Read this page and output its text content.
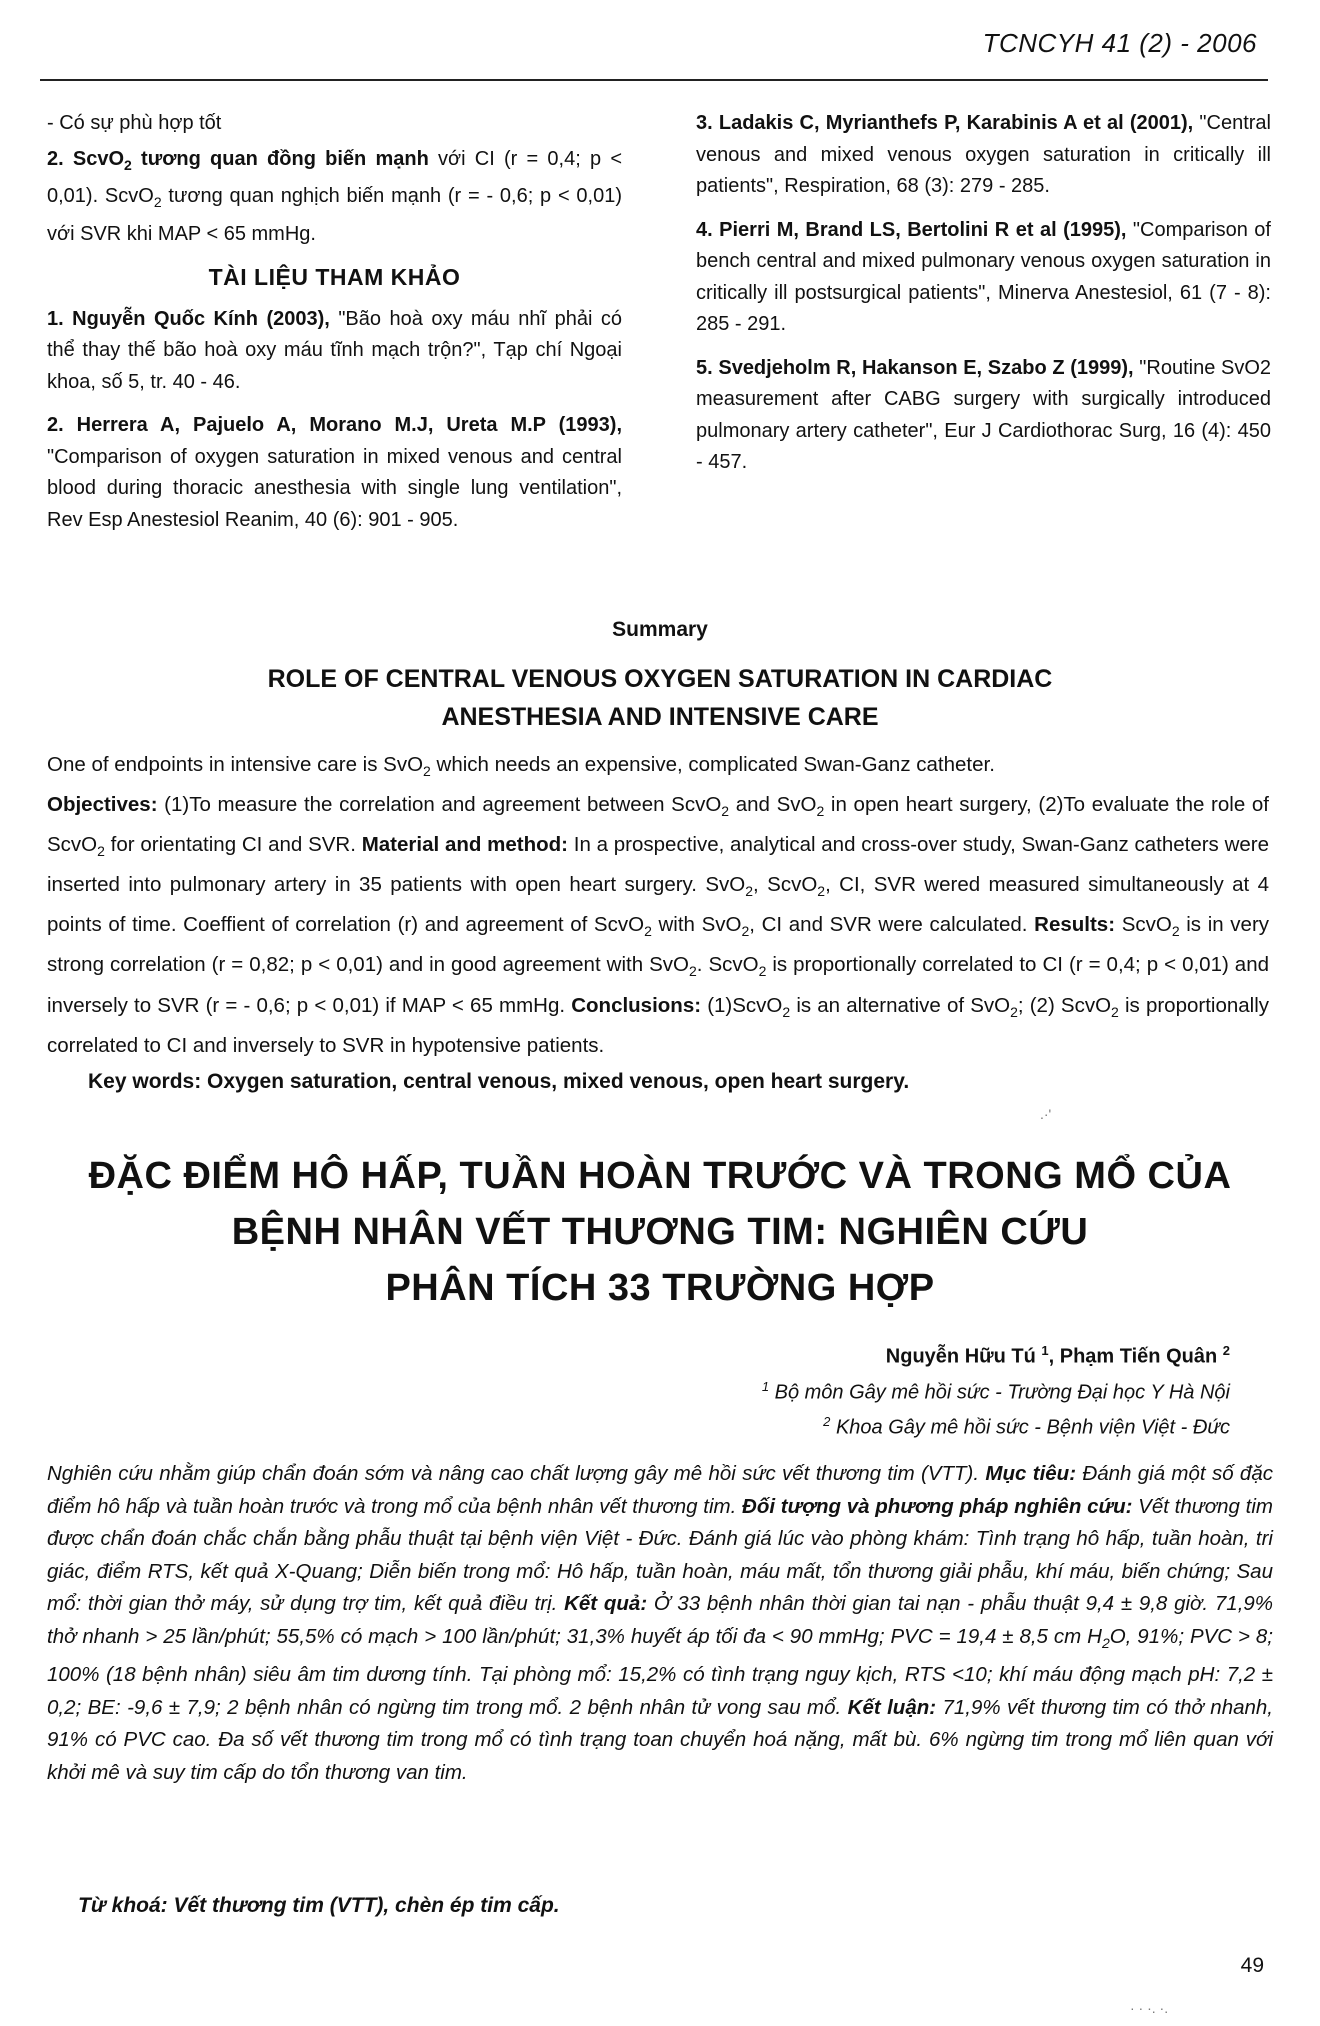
TCNCYH 41 (2) - 2006

- Có sự phù hợp tốt

2. ScvO$_2$ tương quan đồng biến mạnh với CI (r = 0,4; p < 0,01). ScvO$_2$ tương quan nghịch biến mạnh (r = - 0,6; p < 0,01) với SVR khi MAP < 65 mmHg.

TÀI LIỆU THAM KHẢO

1. Nguyễn Quốc Kính (2003), "Bão hoà oxy máu nhĩ phải có thể thay thế bão hoà oxy máu tĩnh mạch trộn?", Tạp chí Ngoại khoa, số 5, tr. 40 - 46.

2. Herrera A, Pajuelo A, Morano M.J, Ureta M.P (1993), "Comparison of oxygen saturation in mixed venous and central blood during thoracic anesthesia with single lung ventilation", Rev Esp Anestesiol Reanim, 40 (6): 901 - 905.

3. Ladakis C, Myrianthefs P, Karabinis A et al (2001), "Central venous and mixed venous oxygen saturation in critically ill patients", Respiration, 68 (3): 279 - 285.

4. Pierri M, Brand LS, Bertolini R et al (1995), "Comparison of bench central and mixed pulmonary venous oxygen saturation in critically ill postsurgical patients", Minerva Anestesiol, 61 (7 - 8): 285 - 291.

5. Svedjeholm R, Hakanson E, Szabo Z (1999), "Routine SvO2 measurement after CABG surgery with surgically introduced pulmonary artery catheter", Eur J Cardiothorac Surg, 16 (4): 450 - 457.

Summary
ROLE OF CENTRAL VENOUS OXYGEN SATURATION IN CARDIAC
ANESTHESIA AND INTENSIVE CARE

One of endpoints in intensive care is SvO$_2$ which needs an expensive, complicated Swan-Ganz catheter.

Objectives: (1)To measure the correlation and agreement between ScvO$_2$ and SvO$_2$ in open heart surgery, (2)To evaluate the role of ScvO$_2$ for orientating CI and SVR. Material and method: In a prospective, analytical and cross-over study, Swan-Ganz catheters were inserted into pulmonary artery in 35 patients with open heart surgery. SvO$_2$, ScvO$_2$, CI, SVR wered measured simultaneously at 4 points of time. Coeffient of correlation (r) and agreement of ScvO$_2$ with SvO$_2$, CI and SVR were calculated. Results: ScvO$_2$ is in very strong correlation (r = 0,82; p < 0,01) and in good agreement with SvO$_2$. ScvO$_2$ is proportionally correlated to CI (r = 0,4; p < 0,01) and inversely to SVR (r = - 0,6; p < 0,01) if MAP < 65 mmHg. Conclusions: (1)ScvO$_2$ is an alternative of SvO$_2$; (2) ScvO$_2$ is proportionally correlated to CI and inversely to SVR in hypotensive patients.

Key words: Oxygen saturation, central venous, mixed venous, open heart surgery.
ĐẶC ĐIỂM HÔ HẤP, TUẦN HOÀN TRƯỚC VÀ TRONG MỔ CỦA
BỆNH NHÂN VẾT THƯƠNG TIM: NGHIÊN CỨU
PHÂN TÍCH 33 TRƯỜNG HỢP
Nguyễn Hữu Tú $^1$, Phạm Tiến Quân $^2$
$^1$ Bộ môn Gây mê hồi sức - Trường Đại học Y Hà Nội
$^2$ Khoa Gây mê hồi sức - Bệnh viện Việt - Đức

Nghiên cứu nhằm giúp chẩn đoán sớm và nâng cao chất lượng gây mê hồi sức vết thương tim (VTT). Mục tiêu: Đánh giá một số đặc điểm hô hấp và tuần hoàn trước và trong mổ của bệnh nhân vết thương tim. Đối tượng và phương pháp nghiên cứu: Vết thương tim được chẩn đoán chắc chắn bằng phẫu thuật tại bệnh viện Việt - Đức. Đánh giá lúc vào phòng khám: Tình trạng hô hấp, tuần hoàn, tri giác, điểm RTS, kết quả X-Quang; Diễn biến trong mổ: Hô hấp, tuần hoàn, máu mất, tổn thương giải phẫu, khí máu, biến chứng; Sau mổ: thời gian thở máy, sử dụng trợ tim, kết quả điều trị. Kết quả: Ở 33 bệnh nhân thời gian tai nạn - phẫu thuật 9,4 ± 9,8 giờ. 71,9% thở nhanh > 25 lần/phút; 55,5% có mạch > 100 lần/phút; 31,3% huyết áp tối đa < 90 mmHg; PVC = 19,4 ± 8,5 cm $H_2O$, 91%; PVC > 8; 100% (18 bệnh nhân) siêu âm tim dương tính. Tại phòng mổ: 15,2% có tình trạng nguy kịch, RTS <10; khí máu động mạch pH: 7,2 ± 0,2; BE: -9,6 ± 7,9; 2 bệnh nhân có ngừng tim trong mổ. 2 bệnh nhân tử vong sau mổ. Kết luận: 71,9% vết thương tim có thở nhanh, 91% có PVC cao. Đa số vết thương tim trong mổ có tình trạng toan chuyển hoá nặng, mất bù. 6% ngừng tim trong mổ liên quan với khởi mê và suy tim cấp do tổn thương van tim.

Từ khoá: Vết thương tim (VTT), chèn ép tim cấp.
49
.·'
· · ·. ·.
